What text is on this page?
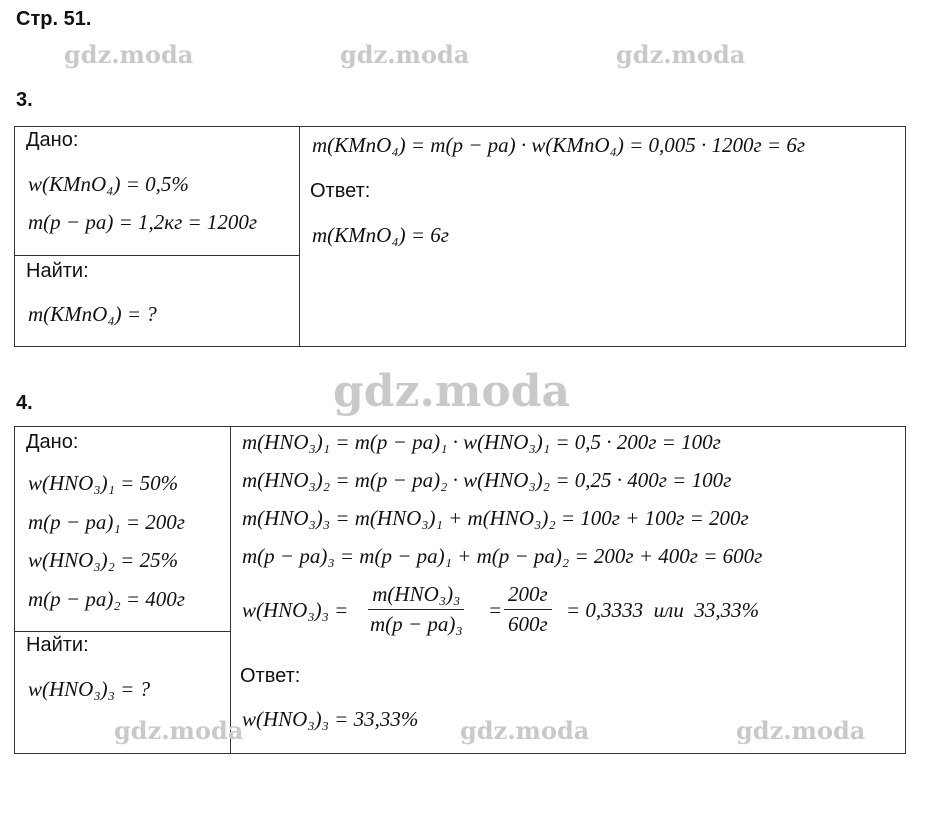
Стр. 51.
gdz.moda	gdz.moda	gdz.moda
3.
Дано:
w(KMnO₄) = 0,5%
m(p − pa) = 1,2кг = 1200г
Найти:
m(KMnO₄) = ?
m(KMnO₄) = m(p − pa) · w(KMnO₄) = 0,005 · 1200г = 6г
Ответ:
m(KMnO₄) = 6г
gdz.moda
4.
Дано:
w(HNO₃)₁ = 50%
m(p − pa)₁ = 200г
w(HNO₃)₂ = 25%
m(p − pa)₂ = 400г
Найти:
w(HNO₃)₃ = ?
m(HNO₃)₁ = m(p − pa)₁ · w(HNO₃)₁ = 0,5 · 200г = 100г
m(HNO₃)₂ = m(p − pa)₂ · w(HNO₃)₂ = 0,25 · 400г = 100г
m(HNO₃)₃ = m(HNO₃)₁ + m(HNO₃)₂ = 100г + 100г = 200г
m(p − pa)₃ = m(p − pa)₁ + m(p − pa)₂ = 200г + 400г = 600г
w(HNO₃)₃ =
m(HNO₃)₃
m(p − pa)₃
=
200г
600г
= 0,3333  или  33,33%
Ответ:
w(HNO₃)₃ = 33,33%
gdz.moda	gdz.moda	gdz.moda
